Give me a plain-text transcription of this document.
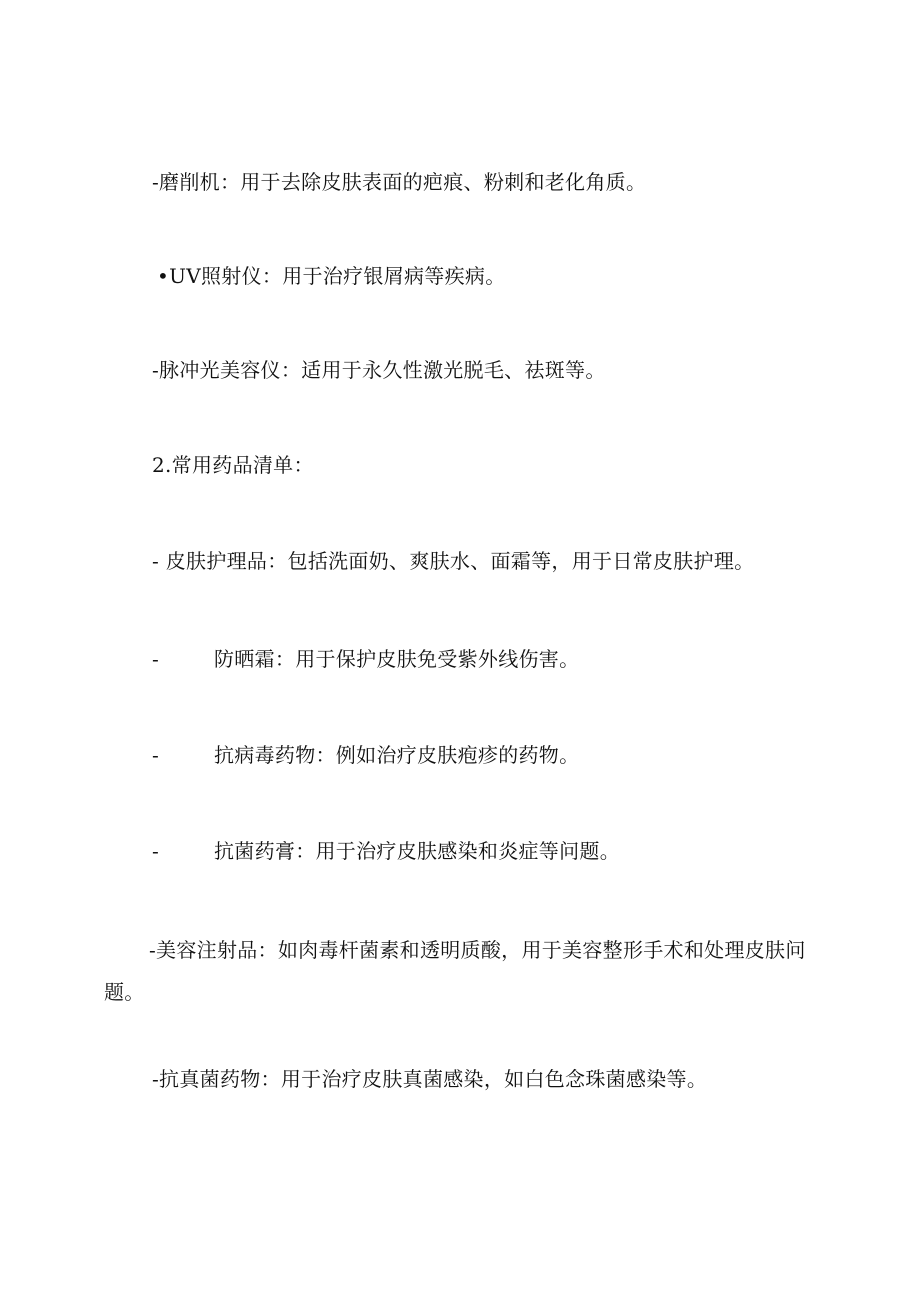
-磨削机：用于去除皮肤表面的疤痕、粉刺和老化角质。
•UV照射仪：用于治疗银屑病等疾病。
-脉冲光美容仪：适用于永久性激光脱毛、祛斑等。
2.常用药品清单：
- 皮肤护理品：包括洗面奶、爽肤水、面霜等，用于日常皮肤护理。
-	防晒霜：用于保护皮肤免受紫外线伤害。
-	抗病毒药物：例如治疗皮肤疱疹的药物。
-	抗菌药膏：用于治疗皮肤感染和炎症等问题。
-美容注射品：如肉毒杆菌素和透明质酸，用于美容整形手术和处理皮肤问题。
-抗真菌药物：用于治疗皮肤真菌感染，如白色念珠菌感染等。
